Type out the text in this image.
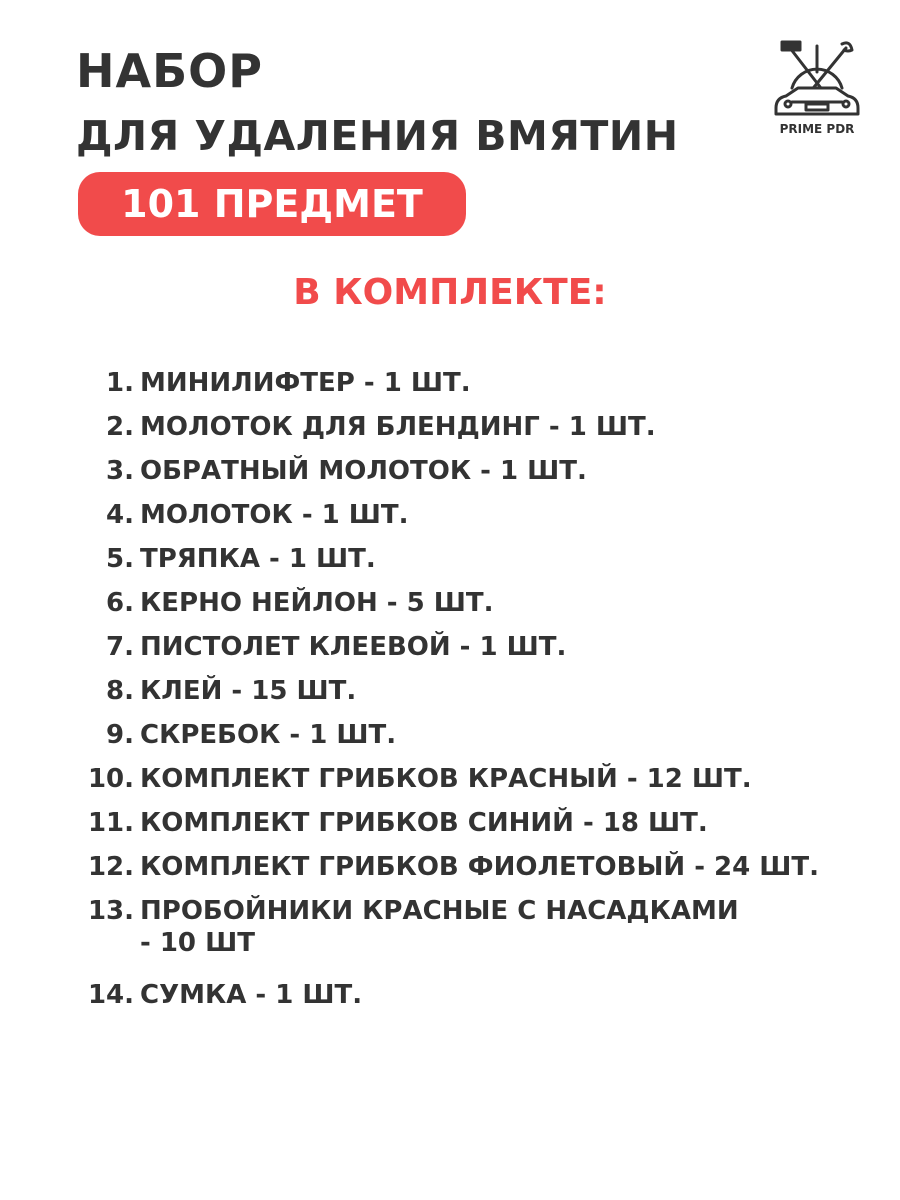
НАБОР
ДЛЯ УДАЛЕНИЯ ВМЯТИН
101 ПРЕДМЕТ
PRIME PDR
В КОМПЛЕКТЕ:
1. МИНИЛИФТЕР - 1 ШТ.
2. МОЛОТОК ДЛЯ БЛЕНДИНГ - 1 ШТ.
3. ОБРАТНЫЙ МОЛОТОК - 1 ШТ.
4. МОЛОТОК - 1 ШТ.
5. ТРЯПКА - 1 ШТ.
6. КЕРНО НЕЙЛОН - 5 ШТ.
7. ПИСТОЛЕТ КЛЕЕВОЙ - 1 ШТ.
8. КЛЕЙ - 15 ШТ.
9. СКРЕБОК - 1 ШТ.
10. КОМПЛЕКТ ГРИБКОВ КРАСНЫЙ - 12 ШТ.
11. КОМПЛЕКТ ГРИБКОВ СИНИЙ - 18 ШТ.
12. КОМПЛЕКТ ГРИБКОВ ФИОЛЕТОВЫЙ - 24 ШТ.
13. ПРОБОЙНИКИ КРАСНЫЕ С НАСАДКАМИ
- 10 ШТ
14. СУМКА - 1 ШТ.
